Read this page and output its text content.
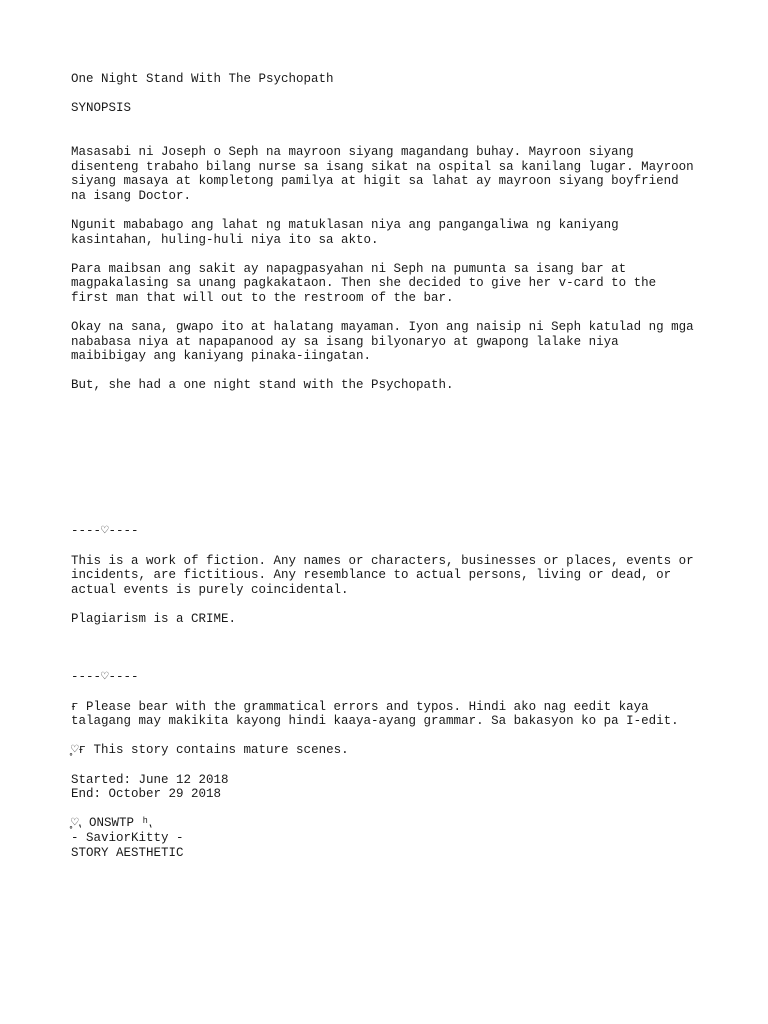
One Night Stand With The Psychopath
SYNOPSIS
Masasabi ni Joseph o Seph na mayroon siyang magandang buhay. Mayroon siyang
disenteng trabaho bilang nurse sa isang sikat na ospital sa kanilang lugar. Mayroon
siyang masaya at kompletong pamilya at higit sa lahat ay mayroon siyang boyfriend
na isang Doctor.
Ngunit mababago ang lahat ng matuklasan niya ang pangangaliwa ng kaniyang
kasintahan, huling-huli niya ito sa akto.
Para maibsan ang sakit ay napagpasyahan ni Seph na pumunta sa isang bar at
magpakalasing sa unang pagkakataon. Then she decided to give her v-card to the
first man that will out to the restroom of the bar.
Okay na sana, gwapo ito at halatang mayaman. Iyon ang naisip ni Seph katulad ng mga
nababasa niya at napapanood ay sa isang bilyonaryo at gwapong lalake niya
maibibigay ang kaniyang pinaka-iingatan.
But, she had a one night stand with the Psychopath.
----♡----
This is a work of fiction. Any names or characters, businesses or places, events or
incidents, are fictitious. Any resemblance to actual persons, living or dead, or
actual events is purely coincidental.
Plagiarism is a CRIME.
----♡----
ғ Please bear with the grammatical errors and typos. Hindi ako nag eedit kaya
talagang may makikita kayong hindi kaaya-ayang grammar. Sa bakasyon ko pa I-edit.
̥♡ғ This story contains mature scenes.
Started: June 12 2018
End: October 29 2018
̥♡⹁ ONSWTP ʰ⹁
- SaviorKitty -
STORY AESTHETIC
